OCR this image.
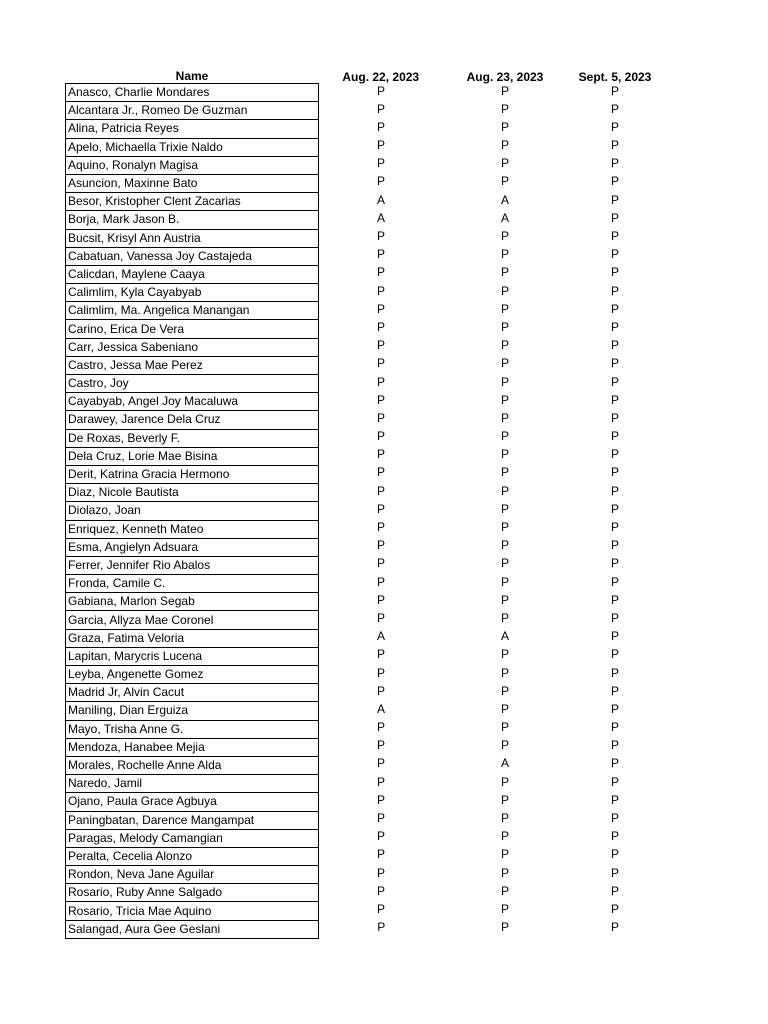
Name	Aug. 22, 2023	Aug. 23, 2023	Sept. 5, 2023
Anasco, Charlie Mondares	P	P	P
Alcantara Jr., Romeo De Guzman	P	P	P
Alina, Patricia Reyes	P	P	P
Apelo, Michaella Trixie Naldo	P	P	P
Aquino, Ronalyn Magisa	P	P	P
Asuncion, Maxinne Bato	P	P	P
Besor, Kristopher Clent Zacarias	A	A	P
Borja, Mark Jason B.	A	A	P
Bucsit, Krisyl Ann Austria	P	P	P
Cabatuan, Vanessa Joy Castajeda	P	P	P
Calicdan, Maylene Caaya	P	P	P
Calimlim, Kyla Cayabyab	P	P	P
Calimlim, Ma. Angelica Manangan	P	P	P
Carino, Erica De Vera	P	P	P
Carr, Jessica Sabeniano	P	P	P
Castro, Jessa Mae Perez	P	P	P
Castro, Joy	P	P	P
Cayabyab, Angel Joy Macaluwa	P	P	P
Darawey, Jarence Dela Cruz	P	P	P
De Roxas, Beverly F.	P	P	P
Dela Cruz, Lorie Mae Bisina	P	P	P
Derit, Katrina Gracia Hermono	P	P	P
Diaz, Nicole Bautista	P	P	P
Diolazo, Joan	P	P	P
Enriquez, Kenneth Mateo	P	P	P
Esma, Angielyn Adsuara	P	P	P
Ferrer, Jennifer Rio Abalos	P	P	P
Fronda, Camile C.	P	P	P
Gabiana, Marlon Segab	P	P	P
Garcia, Allyza Mae Coronel	P	P	P
Graza, Fatima Veloria	A	A	P
Lapitan, Marycris Lucena	P	P	P
Leyba, Angenette Gomez	P	P	P
Madrid Jr, Alvin Cacut	P	P	P
Maniling, Dian Erguiza	A	P	P
Mayo, Trisha Anne G.	P	P	P
Mendoza, Hanabee Mejia	P	P	P
Morales, Rochelle Anne Alda	P	A	P
Naredo, Jamil	P	P	P
Ojano, Paula Grace Agbuya	P	P	P
Paningbatan, Darence Mangampat	P	P	P
Paragas, Melody Camangian	P	P	P
Peralta, Cecelia Alonzo	P	P	P
Rondon, Neva Jane Aguilar	P	P	P
Rosario, Ruby Anne Salgado	P	P	P
Rosario, Tricia Mae Aquino	P	P	P
Salangad, Aura Gee Geslani	P	P	P
